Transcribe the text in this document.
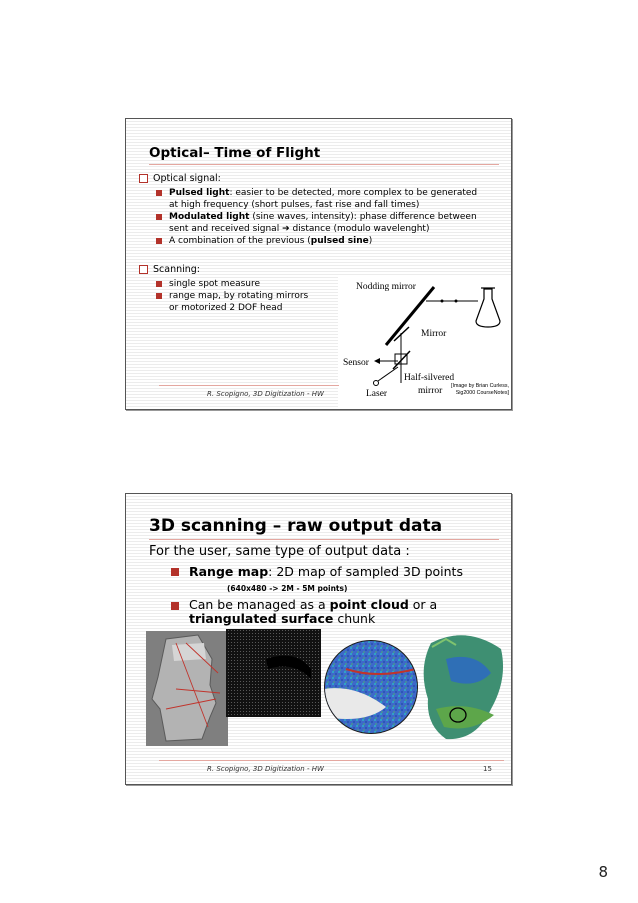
Optical– Time of Flight
Optical signal:
Pulsed light: easier to be detected, more complex to be generated at high frequency (short pulses, fast rise and fall times)
Modulated light (sine waves, intensity): phase difference between sent and received signal ➔ distance (modulo wavelenght)
A combination of the previous (pulsed sine)
Scanning:
single spot measure
range map, by rotating mirrors or motorized 2 DOF head
Nodding mirror
Mirror
Sensor
Half-silvered
mirror
Laser
[Image by Brian Curless,
Sig2000 CourseNotes]
R. Scopigno, 3D Digitization - HW
3D scanning – raw output data
For the user, same type of output data :
Range map: 2D map of sampled 3D points
(640x480 -> 2M - 5M points)
Can be managed as a point cloud or a
triangulated surface chunk
R. Scopigno, 3D Digitization - HW	15
8
